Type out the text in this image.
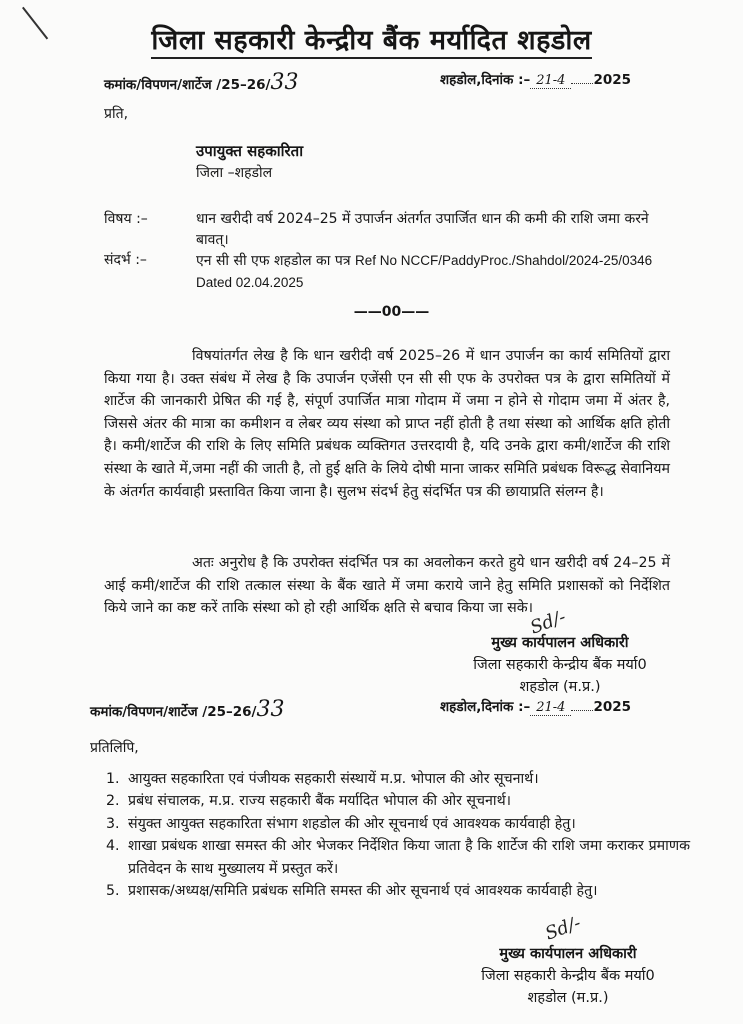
जिला सहकारी केन्द्रीय बैंक मर्यादित शहडोल
कमांक/विपणन/शार्टेज /25–26/33	शहडोल,दिनांक :– 21-4 2025
प्रति,
उपायुक्त सहकारिता
जिला –शहडोल
विषय :–	धान खरीदी वर्ष 2024–25 में उपार्जन अंतर्गत उपार्जित धान की कमी की राशि जमा करने बावत्।
संदर्भ :–	एन सी सी एफ शहडोल का पत्र Ref No NCCF/PaddyProc./Shahdol/2024-25/0346 Dated 02.04.2025
——00——
विषयांतर्गत लेख है कि धान खरीदी वर्ष 2025–26 में धान उपार्जन का कार्य समितियों द्वारा किया गया है। उक्त संबंध में लेख है कि उपार्जन एजेंसी एन सी सी एफ के उपरोक्त पत्र के द्वारा समितियों में शार्टेज की जानकारी प्रेषित की गई है, संपूर्ण उपार्जित मात्रा गोदाम में जमा न होने से गोदाम जमा में अंतर है, जिससे अंतर की मात्रा का कमीशन व लेबर व्यय संस्था को प्राप्त नहीं होती है तथा संस्था को आर्थिक क्षति होती है। कमी/शार्टेज की राशि के लिए समिति प्रबंधक व्यक्तिगत उत्तरदायी है, यदि उनके द्वारा कमी/शार्टेज की राशि संस्था के खाते में,जमा नहीं की जाती है, तो हुई क्षति के लिये दोषी माना जाकर समिति प्रबंधक विरूद्ध सेवानियम के अंतर्गत कार्यवाही प्रस्तावित किया जाना है। सुलभ संदर्भ हेतु संदर्भित पत्र की छायाप्रति संलग्न है।
अतः अनुरोध है कि उपरोक्त संदर्भित पत्र का अवलोकन करते हुये धान खरीदी वर्ष 24–25 में आई कमी/शार्टेज की राशि तत्काल संस्था के बैंक खाते में जमा कराये जाने हेतु समिति प्रशासकों को निर्देशित किये जाने का कष्ट करें ताकि संस्था को हो रही आर्थिक क्षति से बचाव किया जा सके।
Sd/-
मुख्य कार्यपालन अधिकारी
जिला सहकारी केन्द्रीय बैंक मर्या0
शहडोल (म.प्र.)
कमांक/विपणन/शार्टेज /25–26/33	शहडोल,दिनांक :– 21-4 2025
प्रतिलिपि,
1. आयुक्त सहकारिता एवं पंजीयक सहकारी संस्थायें म.प्र. भोपाल की ओर सूचनार्थ।
2. प्रबंध संचालक, म.प्र. राज्य सहकारी बैंक मर्यादित भोपाल की ओर सूचनार्थ।
3. संयुक्त आयुक्त सहकारिता संभाग शहडोल की ओर सूचनार्थ एवं आवश्यक कार्यवाही हेतु।
4. शाखा प्रबंधक शाखा समस्त की ओर भेजकर निर्देशित किया जाता है कि शार्टेज की राशि जमा कराकर प्रमाणक प्रतिवेदन के साथ मुख्यालय में प्रस्तुत करें।
5. प्रशासक/अध्यक्ष/समिति प्रबंधक समिति समस्त की ओर सूचनार्थ एवं आवश्यक कार्यवाही हेतु।
Sd/-
मुख्य कार्यपालन अधिकारी
जिला सहकारी केन्द्रीय बैंक मर्या0
शहडोल (म.प्र.)
